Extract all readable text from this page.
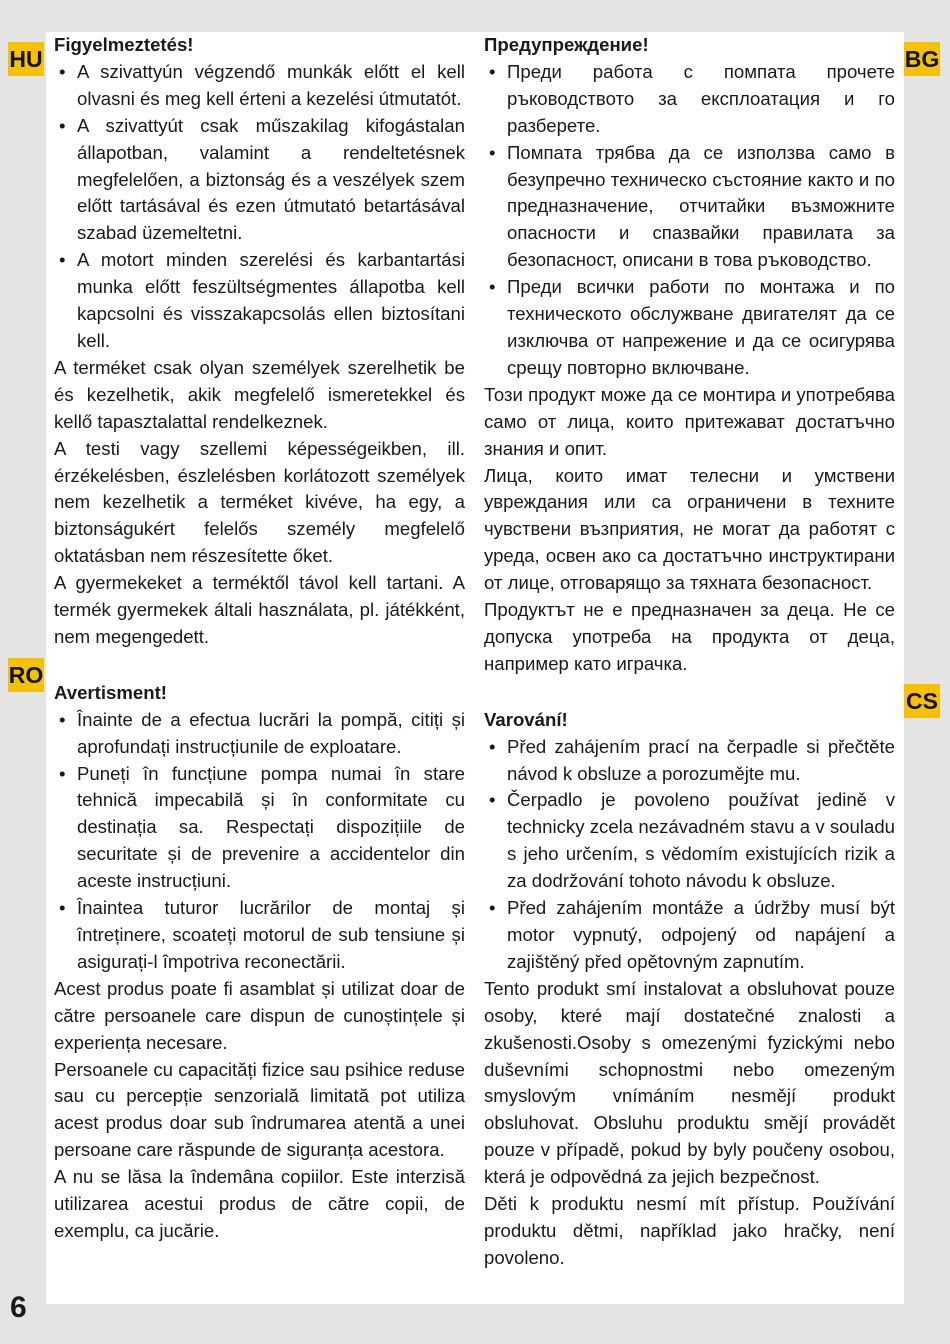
HU
RO
BG
CS
Figyelmeztetés!
• A szivattyún végzendő munkák előtt el kell olvasni és meg kell érteni a kezelési útmutatót.
• A szivattyút csak műszakilag kifogástalan állapotban, valamint a rendeltetésnek megfelelően, a biztonság és a veszélyek szem előtt tartásával és ezen útmutató betartásával szabad üzemeltetni.
• A motort minden szerelési és karbantartási munka előtt feszültségmentes állapotba kell kapcsolni és visszakapcsolás ellen biztosítani kell.

A terméket csak olyan személyek szerelhetik be és kezelhetik, akik megfelelő ismeretekkel és kellő tapasztalattal rendelkeznek.

A testi vagy szellemi képességeikben, ill. érzékelésben, észlelésben korlátozott személyek nem kezelhetik a terméket kivéve, ha egy, a biztonságukért felelős személy megfelelő oktatásban nem részesítette őket.

A gyermekeket a terméktől távol kell tartani. A termék gyermekek általi használata, pl. játékként, nem megengedett.

Avertisment!
• Înainte de a efectua lucrări la pompă, citiți și aprofundați instrucțiunile de exploatare.
• Puneți în funcțiune pompa numai în stare tehnică impecabilă și în conformitate cu destinația sa. Respectați dispozițiile de securitate și de prevenire a accidentelor din aceste instrucțiuni.
• Înaintea tuturor lucrărilor de montaj și întreținere, scoateți motorul de sub tensiune și asigurați-l împotriva reconectării.

Acest produs poate fi asamblat și utilizat doar de către persoanele care dispun de cunoștințele și experiența necesare.

Persoanele cu capacități fizice sau psihice reduse sau cu percepție senzorială limitată pot utiliza acest produs doar sub îndrumarea atentă a unei persoane care răspunde de siguranța acestora.

A nu se lăsa la îndemâna copiilor. Este interzisă utilizarea acestui produs de către copii, de exemplu, ca jucărie.

Предупреждение!
• Преди работа с помпата прочете ръководството за експлоатация и го разберете.
• Помпата трябва да се използва само в безупречно техническо състояние както и по предназначение, отчитайки възможните опасности и спазвайки правилата за безопасност, описани в това ръководство.
• Преди всички работи по монтажа и по техническото обслужване двигателят да се изключва от напрежение и да се осигурява срещу повторно включване.

Този продукт може да се монтира и употребява само от лица, които притежават достатъчно знания и опит.

Лица, които имат телесни и умствени увреждания или са ограничени в техните чувствени възприятия, не могат да работят с уреда, освен ако са достатъчно инструктирани от лице, отговарящо за тяхната безопасност.

Продуктът не е предназначен за деца. Не се допуска употреба на продукта от деца, например като играчка.

Varování!
• Před zahájením prací na čerpadle si přečtěte návod k obsluze a porozumějte mu.
• Čerpadlo je povoleno používat jedině v technicky zcela nezávadném stavu a v souladu s jeho určením, s vědomím existujících rizik a za dodržování tohoto návodu k obsluze.
• Před zahájením montáže a údržby musí být motor vypnutý, odpojený od napájení a zajištěný před opětovným zapnutím.

Tento produkt smí instalovat a obsluhovat pouze osoby, které mají dostatečné znalosti a zkušenosti.Osoby s omezenými fyzickými nebo duševními schopnostmi nebo omezeným smyslovým vnímáním nesmějí produkt obsluhovat. Obsluhu produktu smějí provádět pouze v případě, pokud by byly poučeny osobou, která je odpovědná za jejich bezpečnost.

Děti k produktu nesmí mít přístup. Používání produktu dětmi, například jako hračky, není povoleno.

6
